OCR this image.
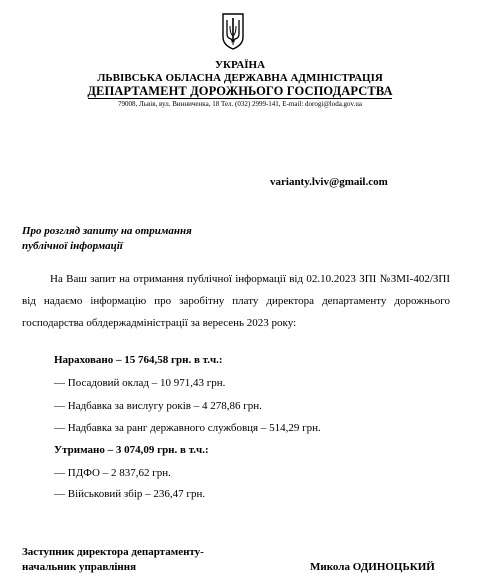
УКРАЇНА
ЛЬВІВСЬКА ОБЛАСНА ДЕРЖАВНА АДМІНІСТРАЦІЯ
ДЕПАРТАМЕНТ ДОРОЖНЬОГО ГОСПОДАРСТВА
79008, Львів, вул. Винниченка, 18 Тел. (032) 2999-141, E-mail: dorogi@loda.gov.ua
varianty.lviv@gmail.com
Про розгляд запиту на отримання
публічної інформації
На Ваш запит на отримання публічної інформації від 02.10.2023 ЗПІ №ЗМІ-402/ЗПІ від надаємо інформацію про заробітну плату директора департаменту дорожнього господарства облдержадміністрації за вересень 2023 року:
Нараховано – 15 764,58 грн. в т.ч.:
— Посадовий оклад – 10 971,43 грн.
— Надбавка за вислугу років – 4 278,86 грн.
— Надбавка за ранг державного службовця – 514,29 грн.
Утримано – 3 074,09 грн. в т.ч.:
— ПДФО – 2 837,62 грн.
— Військовий збір – 236,47 грн.
Заступник директора департаменту-
начальник управління	Микола ОДИНОЦЬКИЙ
